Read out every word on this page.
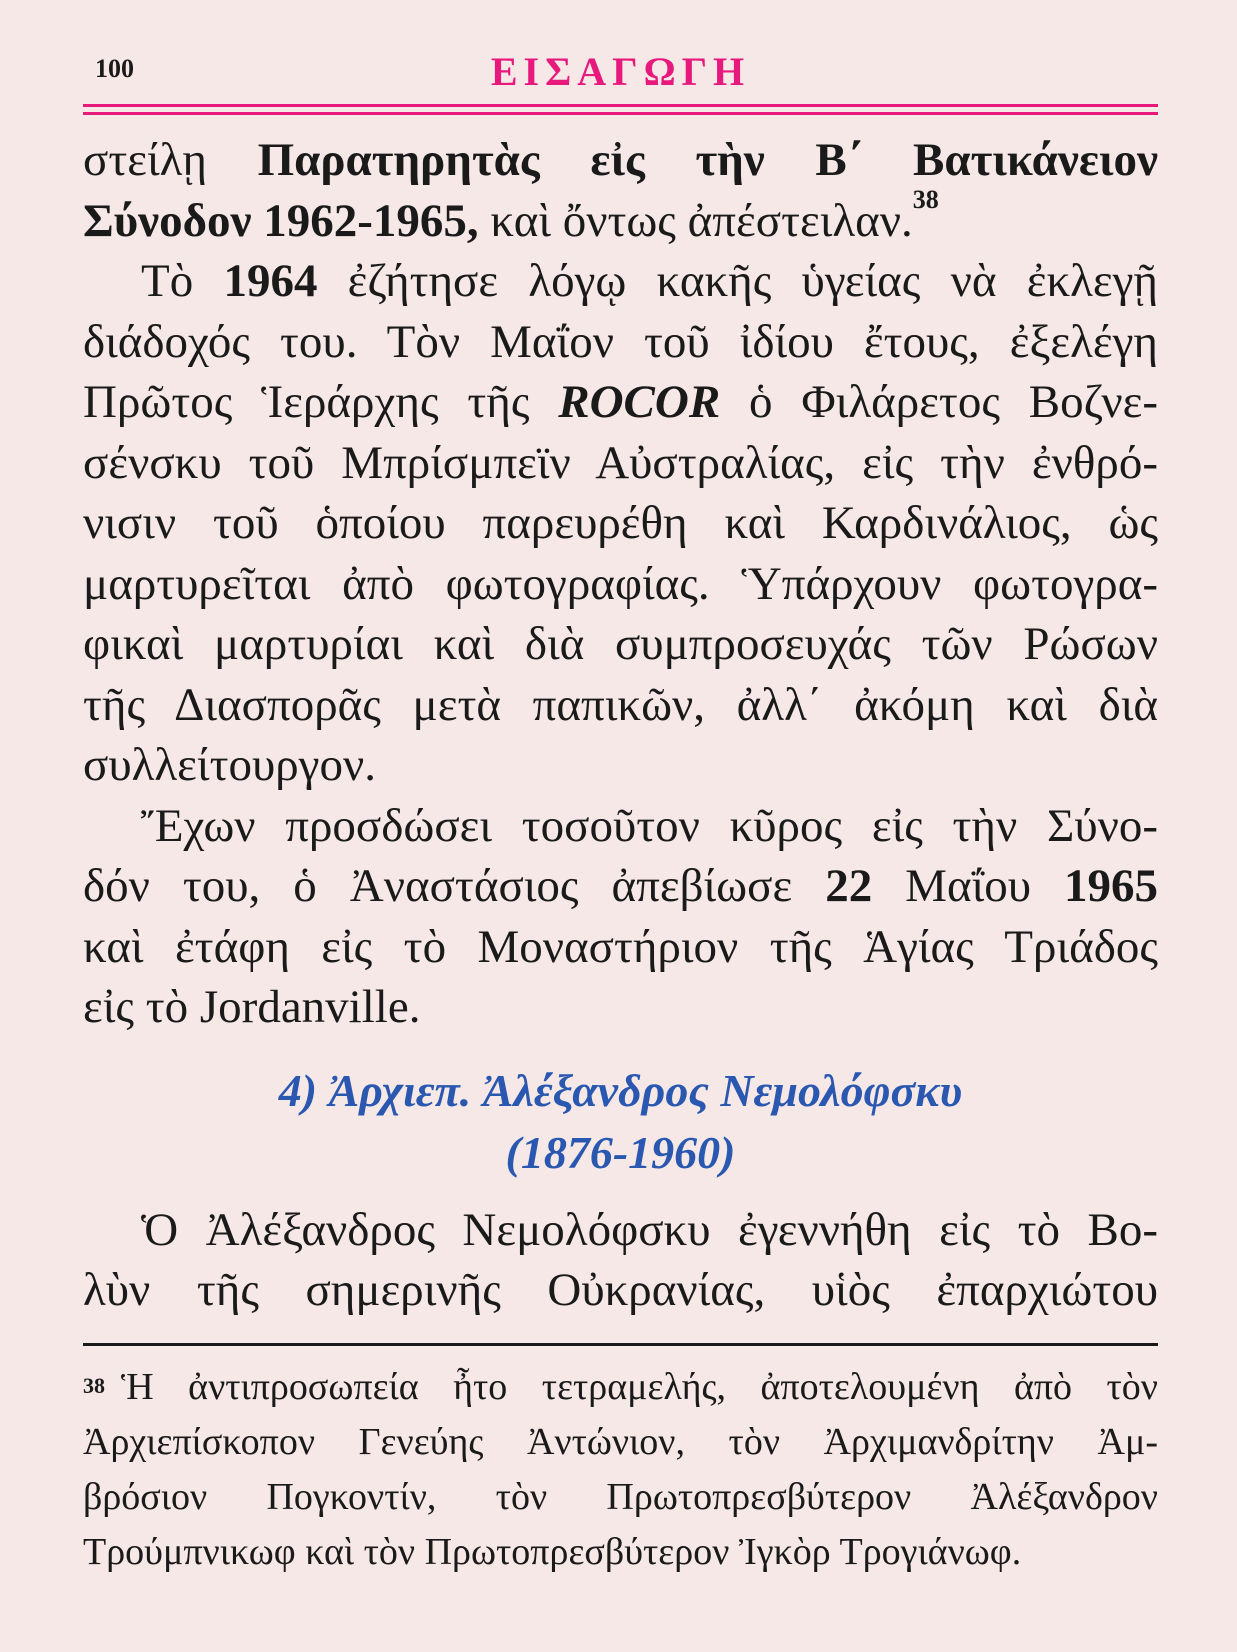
100	ΕΙΣΑΓΩΓΗ
στείλῃ Παρατηρητὰς εἰς τὴν Β΄ Βατικάνειον
Σύνοδον 1962-1965, καὶ ὄντως ἀπέστειλαν.$^{38}$
Τὸ 1964 ἐζήτησε λόγῳ κακῆς ὑγείας νὰ ἐκλεγῇ
διάδοχός του. Τὸν Μαΐον τοῦ ἰδίου ἔτους, ἐξελέγη
Πρῶτος Ἱεράρχης τῆς ROCOR ὁ Φιλάρετος Βοζνε-
σένσκυ τοῦ Μπρίσμπεϊν Αὐστραλίας, εἰς τὴν ἐνθρό-
νισιν τοῦ ὁποίου παρευρέθη καὶ Καρδινάλιος, ὡς
μαρτυρεῖται ἀπὸ φωτογραφίας. Ὑπάρχουν φωτογρα-
φικαὶ μαρτυρίαι καὶ διὰ συμπροσευχάς τῶν Ρώσων
τῆς Διασπορᾶς μετὰ παπικῶν, ἀλλ΄ ἀκόμη καὶ διὰ
συλλείτουργον.
Ἔχων προσδώσει τοσοῦτον κῦρος εἰς τὴν Σύνο-
δόν του, ὁ Ἀναστάσιος ἀπεβίωσε 22 Μαΐου 1965
καὶ ἐτάφη εἰς τὸ Μοναστήριον τῆς Ἁγίας Τριάδος
εἰς τὸ Jordanville.
4) Ἀρχιεπ. Ἀλέξανδρος Νεμολόφσκυ
(1876-1960)
Ὁ Ἀλέξανδρος Νεμολόφσκυ ἐγεννήθη εἰς τὸ Βο-
λὺν τῆς σημερινῆς Οὐκρανίας, υἱὸς ἐπαρχιώτου
$^{38}$ Ἡ ἀντιπροσωπεία ἦτο τετραμελής, ἀποτελουμένη ἀπὸ τὸν
Ἀρχιεπίσκοπον Γενεύης Ἀντώνιον, τὸν Ἀρχιμανδρίτην Ἀμ-
βρόσιον Πογκοντίν, τὸν Πρωτοπρεσβύτερον Ἀλέξανδρον
Τρούμπνικωφ καὶ τὸν Πρωτοπρεσβύτερον Ἰγκὸρ Τρογιάνωφ.
